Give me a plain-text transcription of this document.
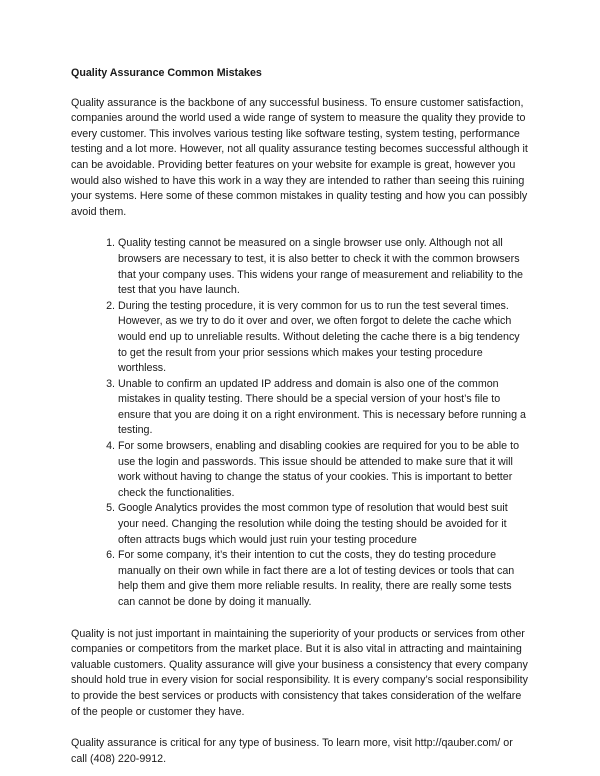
Quality Assurance Common Mistakes

Quality assurance is the backbone of any successful business. To ensure customer satisfaction, companies around the world used a wide range of system to measure the quality they provide to every customer. This involves various testing like software testing, system testing, performance testing and a lot more. However, not all quality assurance testing becomes successful although it can be avoidable. Providing better features on your website for example is great, however you would also wished to have this work in a way they are intended to rather than seeing this ruining your systems. Here some of these common mistakes in quality testing and how you can possibly avoid them.

1. Quality testing cannot be measured on a single browser use only. Although not all browsers are necessary to test, it is also better to check it with the common browsers that your company uses. This widens your range of measurement and reliability to the test that you have launch.
2. During the testing procedure, it is very common for us to run the test several times. However, as we try to do it over and over, we often forgot to delete the cache which would end up to unreliable results. Without deleting the cache there is a big tendency to get the result from your prior sessions which makes your testing procedure worthless.
3. Unable to confirm an updated IP address and domain is also one of the common mistakes in quality testing. There should be a special version of your host’s file to ensure that you are doing it on a right environment. This is necessary before running a testing.
4. For some browsers, enabling and disabling cookies are required for you to be able to use the login and passwords. This issue should be attended to make sure that it will work without having to change the status of your cookies. This is important to better check the functionalities.
5. Google Analytics provides the most common type of resolution that would best suit your need. Changing the resolution while doing the testing should be avoided for it often attracts bugs which would just ruin your testing procedure
6. For some company, it’s their intention to cut the costs, they do testing procedure manually on their own while in fact there are a lot of testing devices or tools that can help them and give them more reliable results. In reality, there are really some tests can cannot be done by doing it manually.

Quality is not just important in maintaining the superiority of your products or services from other companies or competitors from the market place. But it is also vital in attracting and maintaining valuable customers. Quality assurance will give your business a consistency that every company should hold true in every vision for social responsibility. It is every company’s social responsibility to provide the best services or products with consistency that takes consideration of the welfare of the people or customer they have.

Quality assurance is critical for any type of business. To learn more, visit http://qauber.com/ or call (408) 220-9912.
